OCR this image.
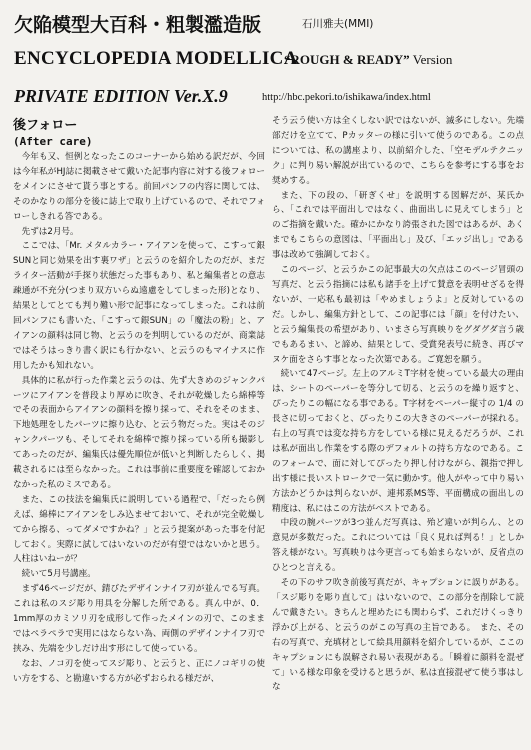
欠陥模型大百科・粗製濫造版	石川雅夫(MMI)
ENCYCLOPEDIA MODELLICA
“ROUGH & READY” Version
PRIVATE EDITION Ver.X.9	http://hbc.pekori.to/ishikawa/index.html
後フォロー
(After care)

今年も又、恒例となったこのコーナーから始める訳だが、今回は今年私がHJ誌に掲載させて戴いた記事内容に対する後フォローをメインにさせて貰う事とする。前回パンフの内容に関しては、そのかなりの部分を後に誌上で取り上げているので、それでフォローしきれる答である。

先ずは2月号。

ここでは、「Mr. メタルカラー・アイアンを使って、こすって銀SUNと同じ効果を出す裏ワザ」と云うのを紹介したのだが、まだライター活動が手探り状態だった事もあり、私と編集者との意志疎通が不充分(つまり双方いらぬ遠慮をしてしまった形)となり、結果としてとても判り難い形で記事になってしまった。これは前回パンフにも書いた、「こすって銀SUN」の「魔法の粉」と、アイアンの顔料は同じ物、と云うのを判明しているのだが、商業誌ではそうはっきり書く訳にも行かない、と云うのもマイナスに作用したかも知れない。

具体的に私が行った作業と云うのは、先ず大きめのジャンクパーツにアイアンを普段より厚めに吹き、それが乾燥したら綿棒等でその表面からアイアンの顔料を擦り採って、それをそのまま、下地処理をしたパーツに擦り込む、と云う物だった。実はそのジャンクパーツも、そしてそれを綿棒で擦り採っている所も撮影してあったのだが、編集氏は優先順位が低いと判断したらしく、掲載されるには至らなかった。これは事前に重要度を確認しておかなかった私のミスである。

また、この技法を編集氏に説明している過程で、「だったら例えば、綿棒にアイアンをしみ込ませておいて、それが完全乾燥してから擦る、ってダメですかね？」と云う提案があった事を付記しておく。実際に試してはいないのだが有望ではないかと思う。人柱はいねーが？

続いて5月号講座。

まず46ページだが、錆びたデザインナイフ刃が並んでる写真。これは私のスジ彫り用具を分解した所である。真ん中が、0．1mm厚のカミソリ刃を成形して作ったメインの刃で、このままではペラペラで実用にはならない為、両側のデザインナイフ刃で挟み、先端を少しだけ出す形にして使っている。

なお、ノコ刃を使ってスジ彫り、と云うと、正にノコギリの使い方をする、と勘違いする方が必ずおられる様だが、

そう云う使い方は全くしない訳ではないが、滅多にしない。先端部だけを立てて、Pカッターの様に引いて使うのである。この点については、私の講座より、以前紹介した、「空モデルテクニック」に判り易い解説が出ているので、こちらを参考にする事をお奨めする。

また、下の段の、「研ぎくせ」を説明する図解だが、某氏から、「これでは平面出しではなく、曲面出しに見えてしまう」とのご指摘を戴いた。確かにかなり誇張された図ではあるが、あくまでもこちらの意図は、「平面出し」及び、「エッジ出し」である事は改めて強調しておく。

このページ、と云うかこの記事最大の欠点はこのページ冒頭の写真だ、と云う指摘には私も諸手を上げて賛意を表明せざるを得ないが、一応私も最初は「やめましょうよ」と反対しているのだ。しかし、編集方針として、この記事には「顔」を付けたい、と云う編集長の希望があり、いまさら写真映りをグダグダ言う歳でもあるまい、と諦め、結果として、受賞発表号に続き、再びマヌケ面をさらす事となった次第である。ご寛恕を願う。

続いて47ページ。左上のアルミT字材を使っている最大の理由は、シートのペーパーを等分して切る、と云うのを繰り返すと、ぴったりこの幅になる事である。T字材をペーパー縦寸の 1/4 の長さに切っておくと、ぴったりこの大きさのペーパーが採れる。右上の写真では変な持ち方をしている様に見えるだろうが、これは私が面出し作業をする際のデフォルトの持ち方なのである。このフォームで、面に対してぴったり押し付けながら、親指で押し出す様に長いストロークで一気に動かす。他人がやって中り易い方法かどうかは判らないが、連邦系MS等、平面構成の面出しの精度は、私にはこの方法がベストである。

中段の腕パーツが3つ並んだ写真は、殆ど違いが判らん、との意見が多数だった。これについては「良く見れば判る！」としか答え様がない。写真映りは今更言っても始まらないが、反省点のひとつと言える。

その下のサフ吹き前後写真だが、キャプションに誤りがある。「スジ彫りを彫り直して」はいないので、この部分を削除して読んで戴きたい。きちんと埋めたにも関わらず、これだけくっきり浮かび上がる、と云うのがこの写真の主旨である。　また、その右の写真で、充填材として絵具用顔料を紹介しているが、ここのキャプションにも誤解され易い表現がある。「瞬着に顔料を混ぜて」いる様な印象を受けると思うが、私は直接混ぜて使う事はしな
